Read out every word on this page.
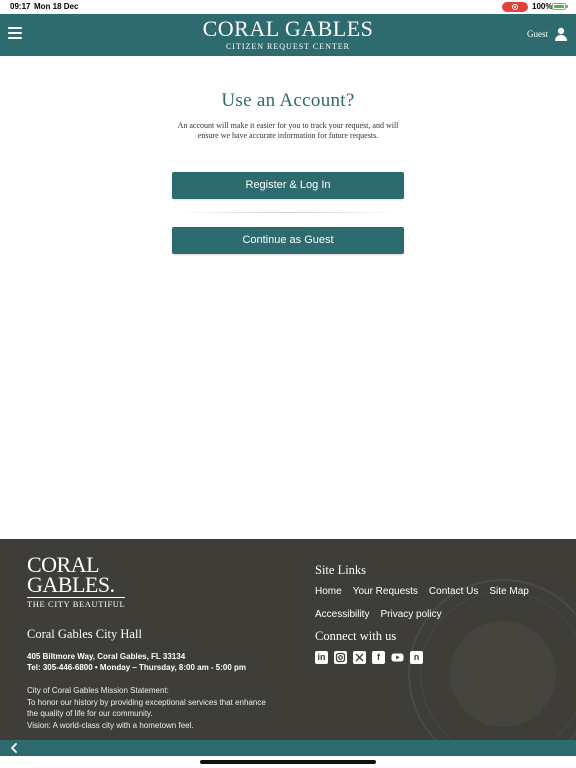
09:17 Mon 18 Dec	100%
CORAL GABLES
CITIZEN REQUEST CENTER
Guest
Use an Account?
An account will make it easier for you to track your request, and will ensure we have accurate information for future requests.
Register & Log In
Continue as Guest
CORAL
GABLES.
THE CITY BEAUTIFUL
Coral Gables City Hall
405 Biltmore Way, Coral Gables, FL 33134
Tel: 305-446-6800 • Monday – Thursday, 8:00 am - 5:00 pm
City of Coral Gables Mission Statement:
To honor our history by providing exceptional services that enhance the quality of life for our community.
Vision: A world-class city with a hometown feel.
Site Links
Home Your Requests Contact Us Site Map
Accessibility Privacy policy
Connect with us
in	f	n
